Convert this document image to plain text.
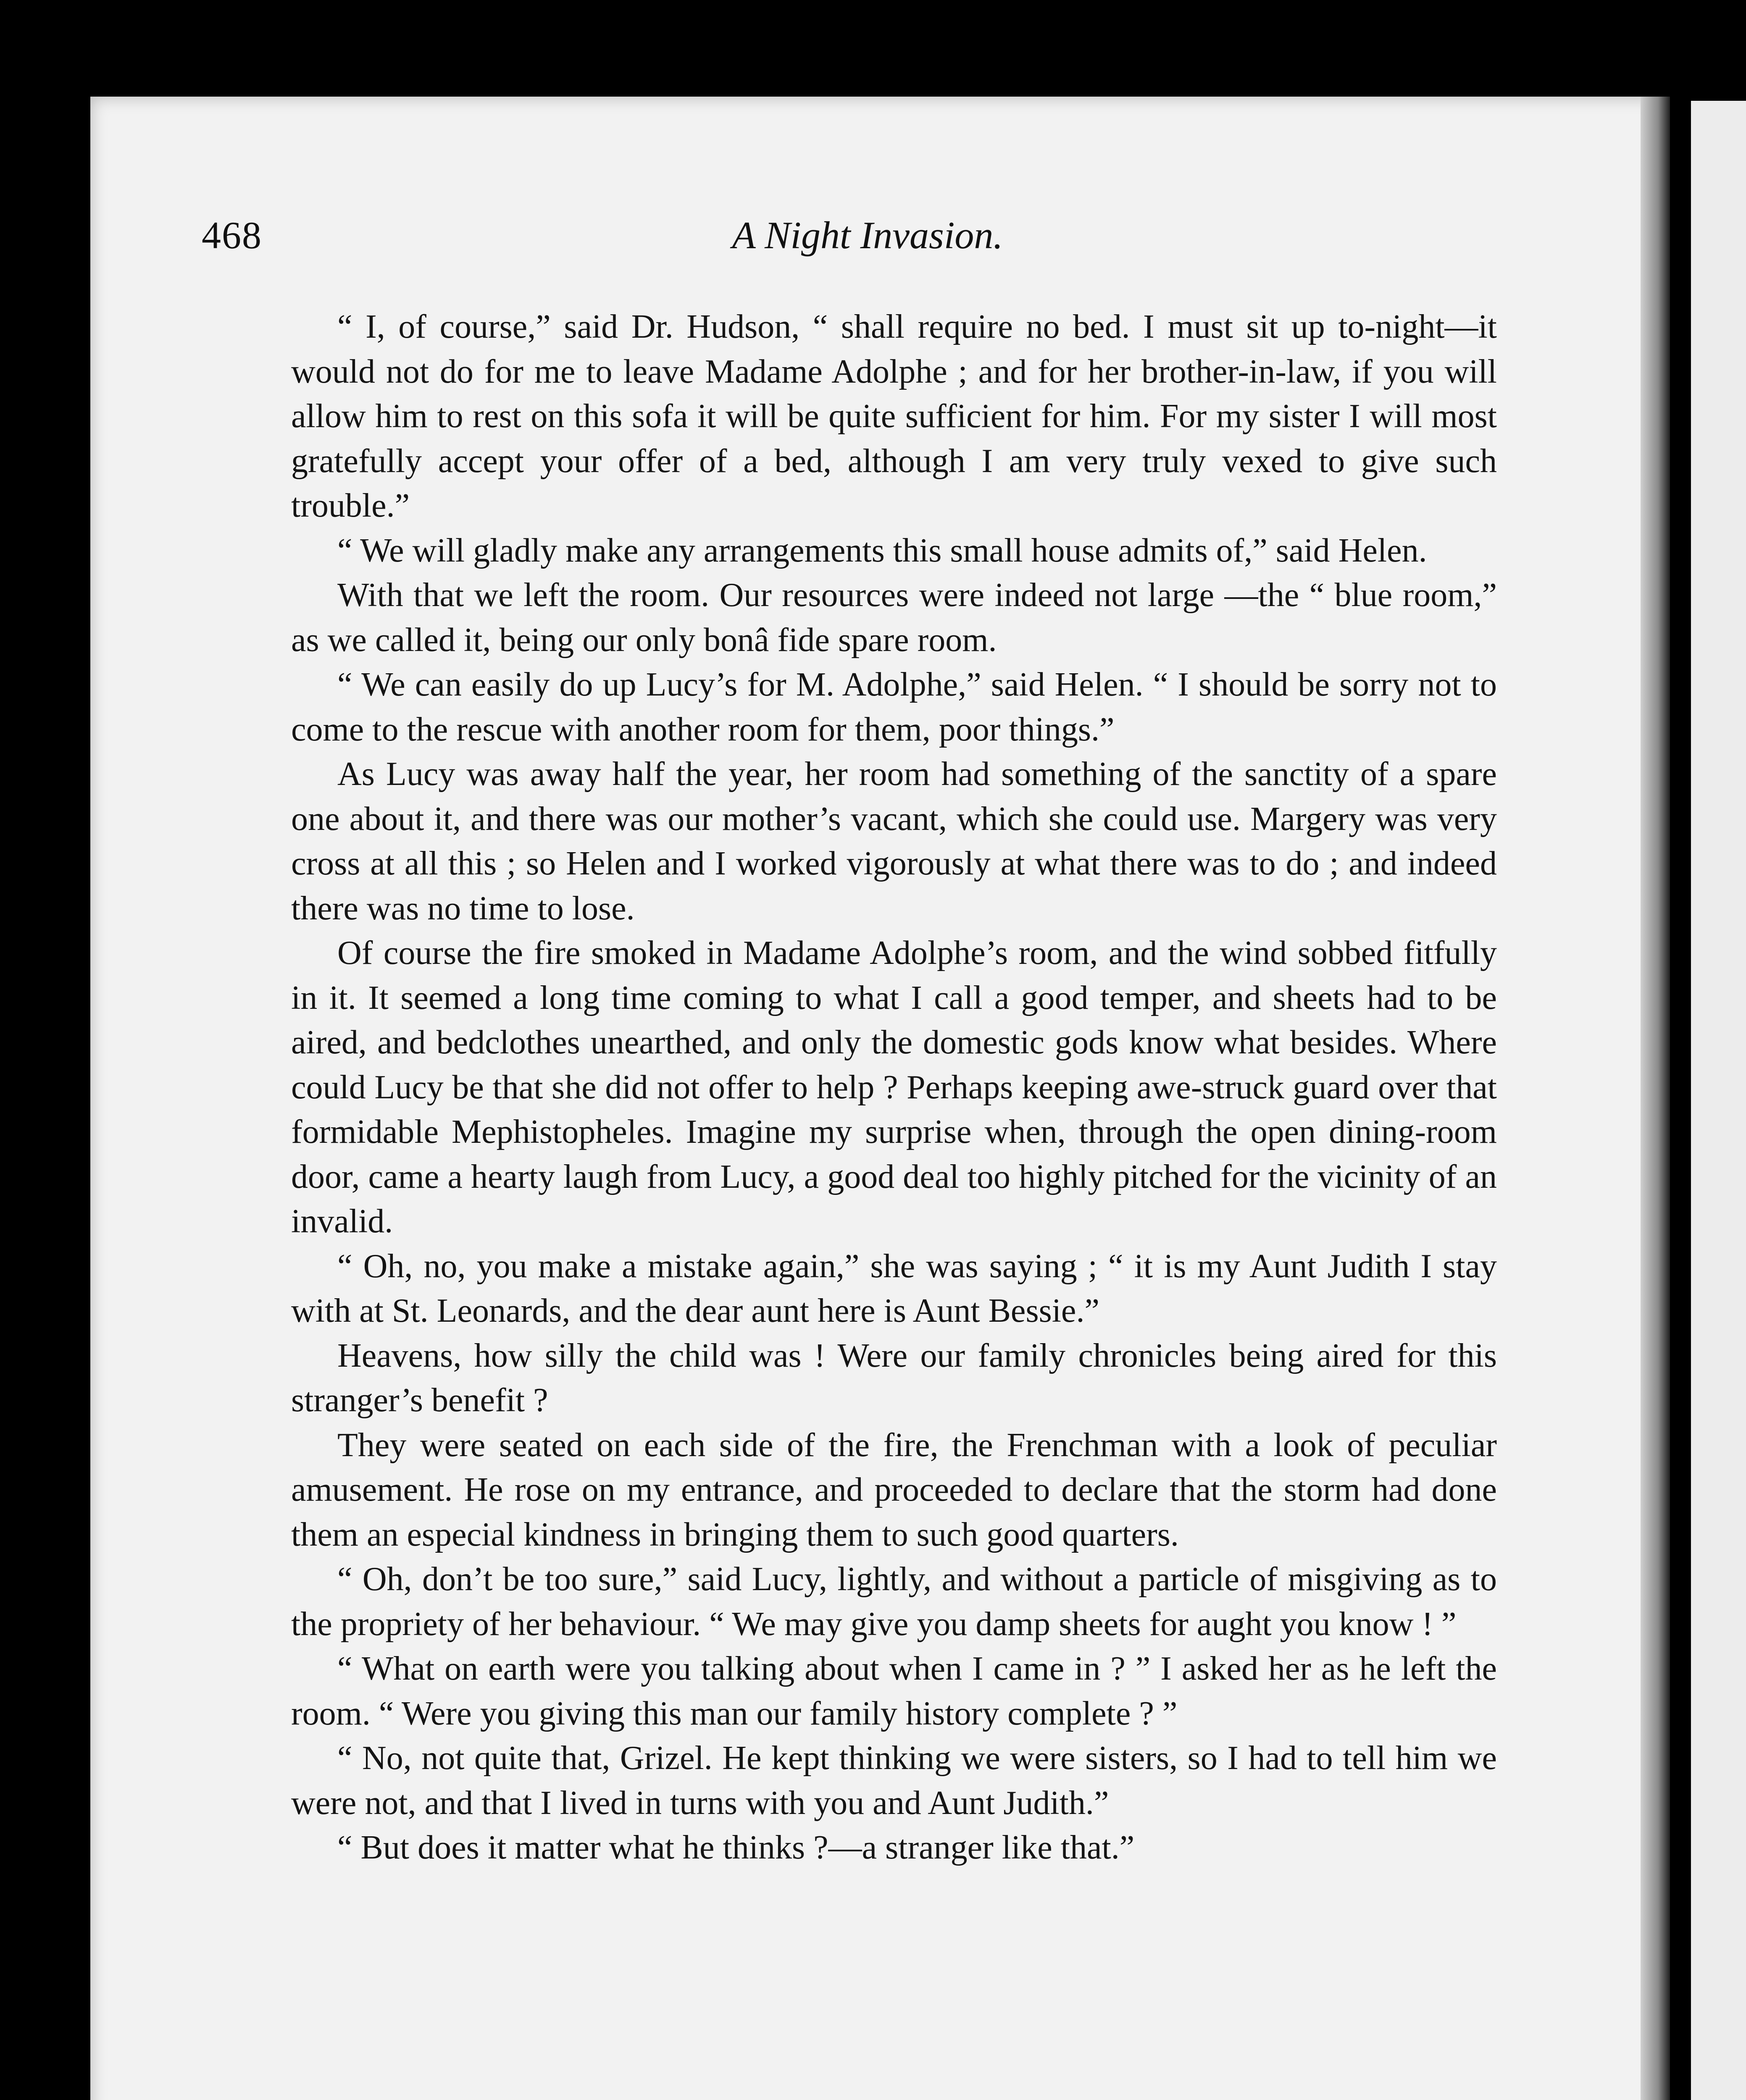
468	A Night Invasion.

“ I, of course,” said Dr. Hudson, “ shall require no bed. I must sit up to-night—it would not do for me to leave Madame Adolphe ; and for her brother-in-law, if you will allow him to rest on this sofa it will be quite sufficient for him. For my sister I will most gratefully accept your offer of a bed, although I am very truly vexed to give such trouble.”

“ We will gladly make any arrangements this small house admits of,” said Helen.

With that we left the room. Our resources were indeed not large —the “ blue room,” as we called it, being our only bonâ fide spare room.

“ We can easily do up Lucy’s for M. Adolphe,” said Helen. “ I should be sorry not to come to the rescue with another room for them, poor things.”

As Lucy was away half the year, her room had something of the sanctity of a spare one about it, and there was our mother’s vacant, which she could use. Margery was very cross at all this ; so Helen and I worked vigorously at what there was to do ; and indeed there was no time to lose.

Of course the fire smoked in Madame Adolphe’s room, and the wind sobbed fitfully in it. It seemed a long time coming to what I call a good temper, and sheets had to be aired, and bedclothes unearthed, and only the domestic gods know what besides. Where could Lucy be that she did not offer to help ? Perhaps keeping awe-struck guard over that formidable Mephistopheles. Imagine my surprise when, through the open dining-room door, came a hearty laugh from Lucy, a good deal too highly pitched for the vicinity of an invalid.

“ Oh, no, you make a mistake again,” she was saying ; “ it is my Aunt Judith I stay with at St. Leonards, and the dear aunt here is Aunt Bessie.”

Heavens, how silly the child was ! Were our family chronicles being aired for this stranger’s benefit ?

They were seated on each side of the fire, the Frenchman with a look of peculiar amusement. He rose on my entrance, and proceeded to declare that the storm had done them an especial kindness in bringing them to such good quarters.

“ Oh, don’t be too sure,” said Lucy, lightly, and without a particle of misgiving as to the propriety of her behaviour. “ We may give you damp sheets for aught you know ! ”

“ What on earth were you talking about when I came in ? ” I asked her as he left the room. “ Were you giving this man our family history complete ? ”

“ No, not quite that, Grizel. He kept thinking we were sisters, so I had to tell him we were not, and that I lived in turns with you and Aunt Judith.”

“ But does it matter what he thinks ?—a stranger like that.”
